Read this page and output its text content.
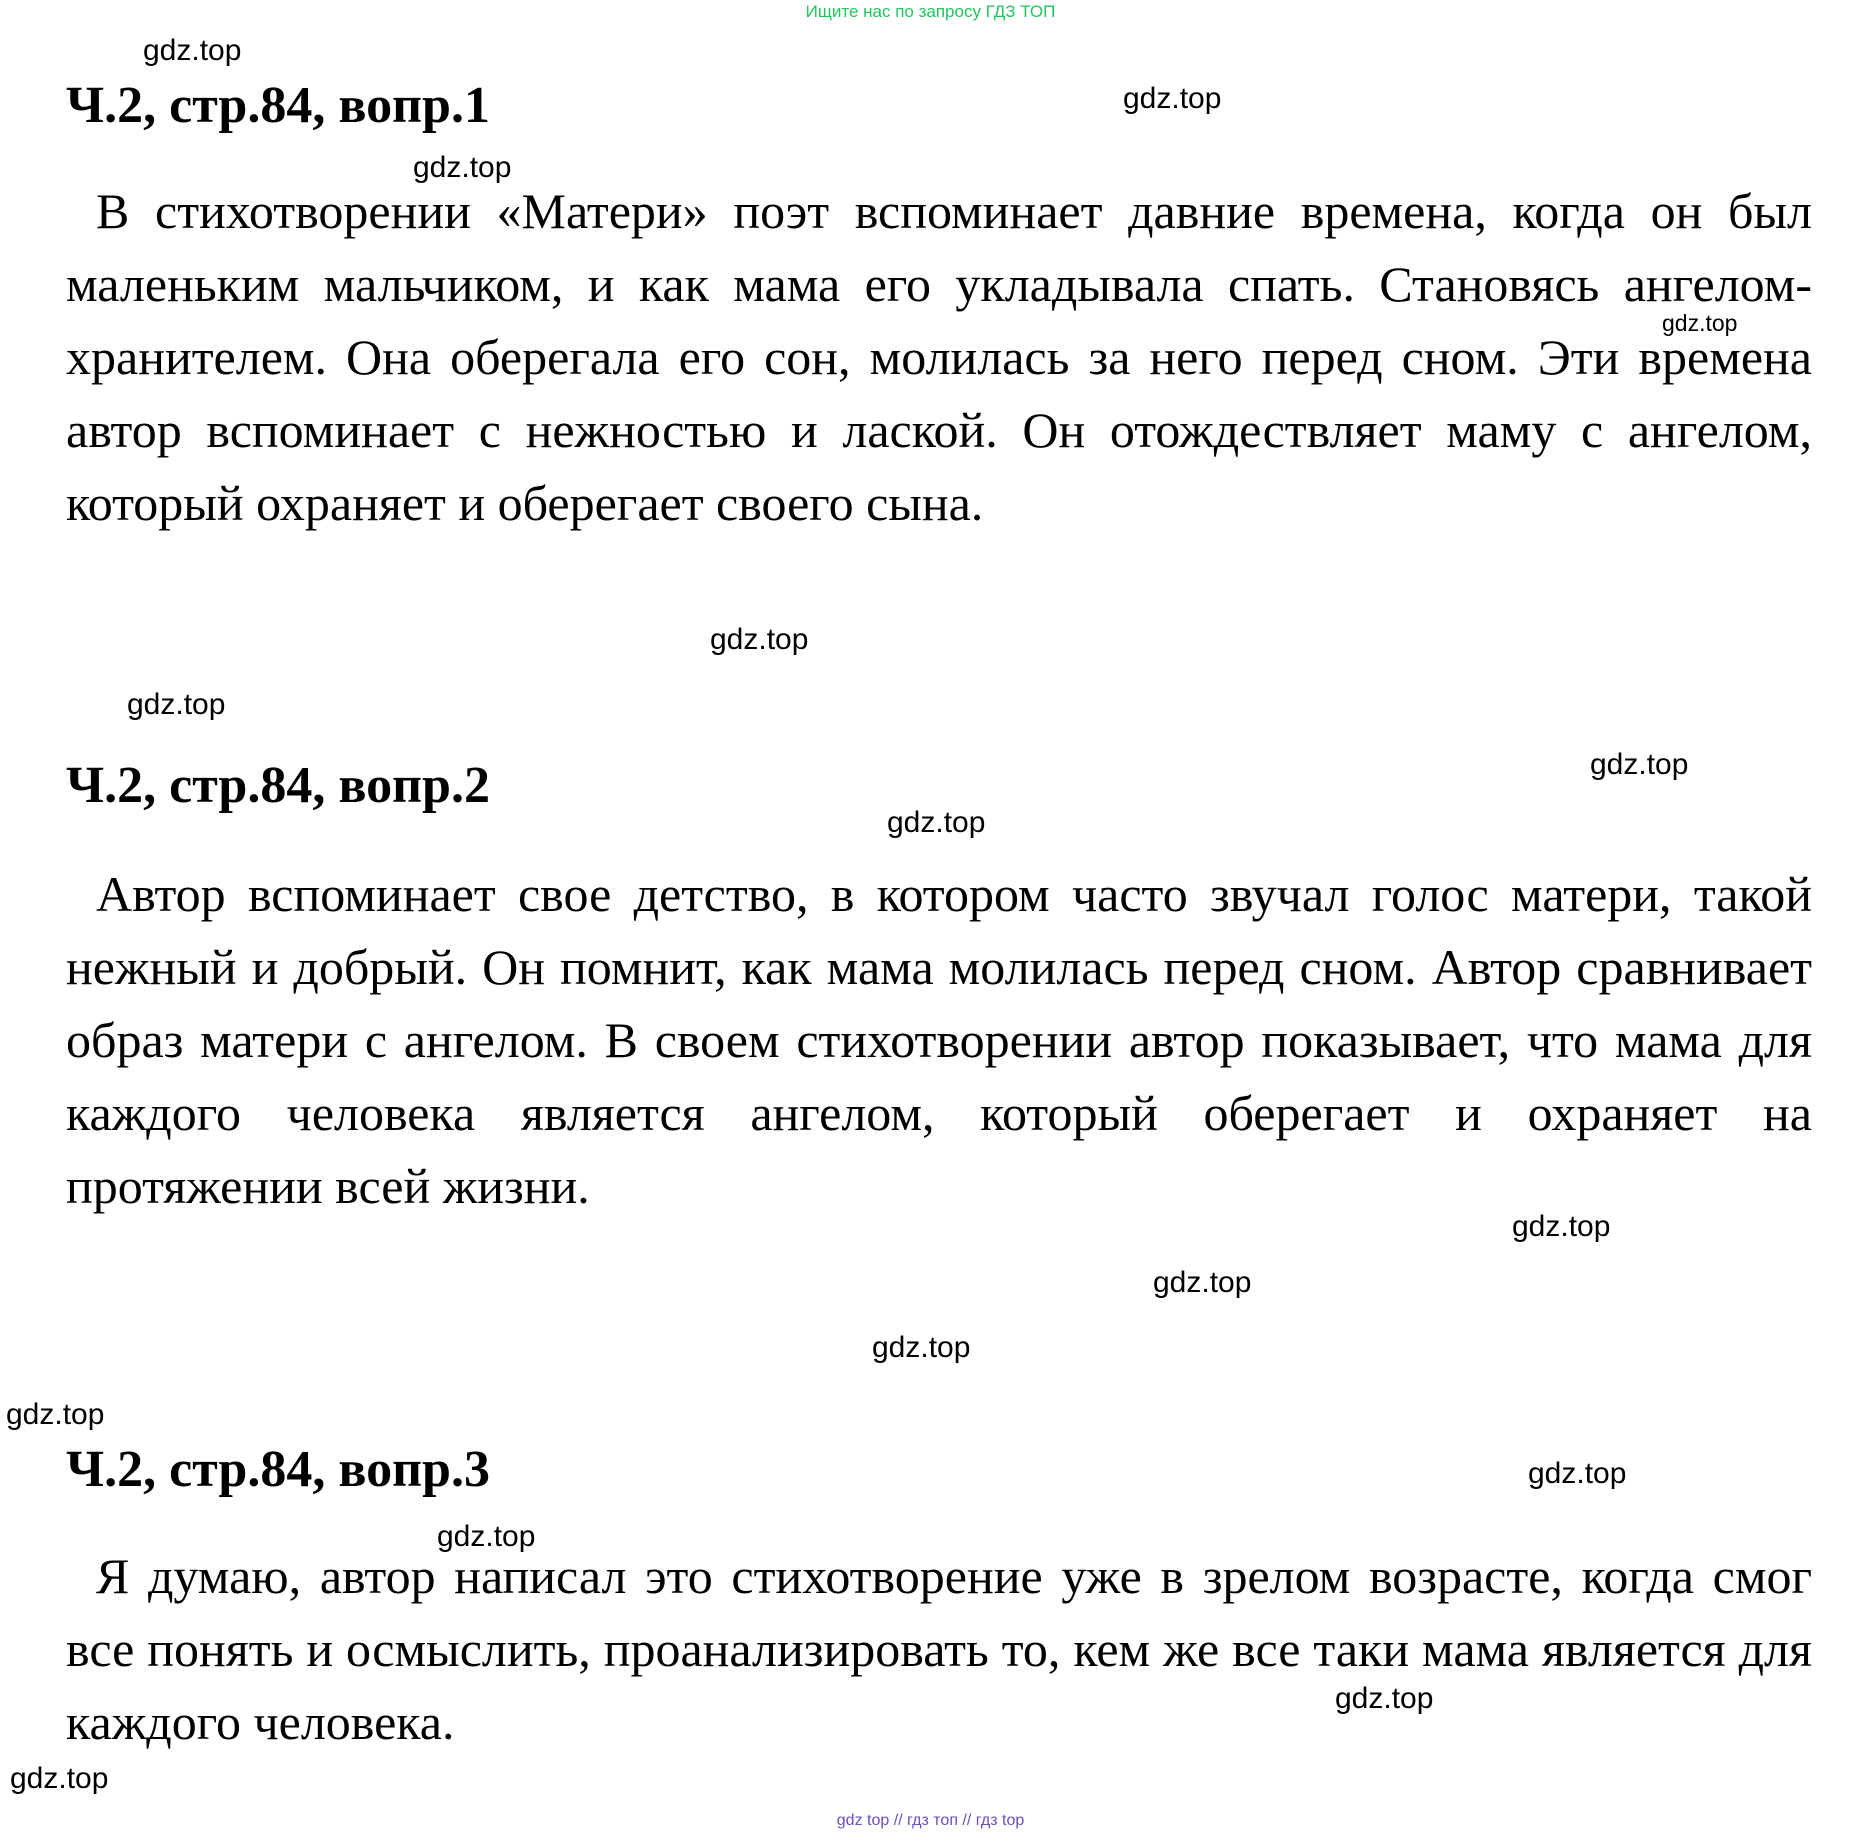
Ищите нас по запросу ГДЗ ТОП
Ч.2, стр.84, вопр.1

В стихотворении «Матери» поэт вспоминает давние времена, когда он был маленьким мальчиком, и как мама его укладывала спать. Становясь ангелом-хранителем. Она оберегала его сон, молилась за него перед сном. Эти времена автор вспоминает с нежностью и лаской. Он отождествляет маму с ангелом, который охраняет и оберегает своего сына.

Ч.2, стр.84, вопр.2

Автор вспоминает свое детство, в котором часто звучал голос матери, такой нежный и добрый. Он помнит, как мама молилась перед сном. Автор сравнивает образ матери с ангелом. В своем стихотворении автор показывает, что мама для каждого человека является ангелом, который оберегает и охраняет на протяжении всей жизни.

Ч.2, стр.84, вопр.3

Я думаю, автор написал это стихотворение уже в зрелом возрасте, когда смог все понять и осмыслить, проанализировать то, кем же все таки мама является для каждого человека.

gdz.top
gdz.top
gdz.top
gdz.top
gdz.top
gdz.top
gdz.top
gdz.top
gdz.top
gdz.top
gdz.top
gdz.top
gdz.top
gdz.top
gdz.top
gdz.top
gdz top // гдз топ // гдз top
